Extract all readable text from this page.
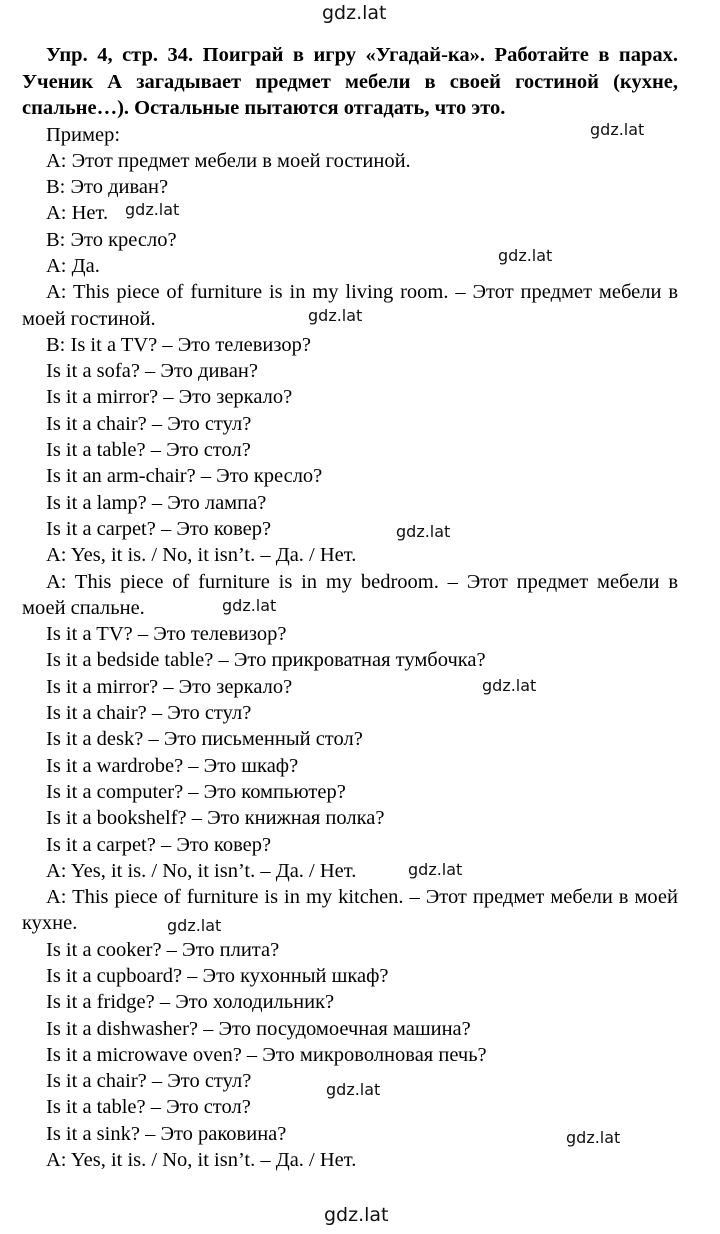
gdz.lat

Упр. 4, стр. 34. Поиграй в игру «Угадай-ка». Работайте в парах. Ученик А загадывает предмет мебели в своей гостиной (кухне, спальне…). Остальные пытаются отгадать, что это.

Пример:

А: Этот предмет мебели в моей гостиной.

В: Это диван?

А: Нет.

В: Это кресло?

А: Да.

A: This piece of furniture is in my living room. – Этот предмет мебели в моей гостиной.

B: Is it a TV? – Это телевизор?

Is it a sofa? – Это диван?

Is it a mirror? – Это зеркало?

Is it a chair? – Это стул?

Is it a table? – Это стол?

Is it an arm-chair? – Это кресло?

Is it a lamp? – Это лампа?

Is it a carpet? – Это ковер?

A: Yes, it is. / No, it isn’t. – Да. / Нет.

A: This piece of furniture is in my bedroom. – Этот предмет мебели в моей спальне.

Is it a TV? – Это телевизор?

Is it a bedside table? – Это прикроватная тумбочка?

Is it a mirror? – Это зеркало?

Is it a chair? – Это стул?

Is it a desk? – Это письменный стол?

Is it a wardrobe? – Это шкаф?

Is it a computer? – Это компьютер?

Is it a bookshelf? – Это книжная полка?

Is it a carpet? – Это ковер?

A: Yes, it is. / No, it isn’t. – Да. / Нет.

A: This piece of furniture is in my kitchen. – Этот предмет мебели в моей кухне.

Is it a cooker? – Это плита?

Is it a cupboard? – Это кухонный шкаф?

Is it a fridge? – Это холодильник?

Is it a dishwasher? – Это посудомоечная машина?

Is it a microwave oven? – Это микроволновая печь?

Is it a chair? – Это стул?

Is it a table? – Это стол?

Is it a sink? – Это раковина?

A: Yes, it is. / No, it isn’t. – Да. / Нет.

gdz.lat
gdz.lat
gdz.lat
gdz.lat
gdz.lat
gdz.lat
gdz.lat
gdz.lat
gdz.lat
gdz.lat
gdz.lat
gdz.lat
